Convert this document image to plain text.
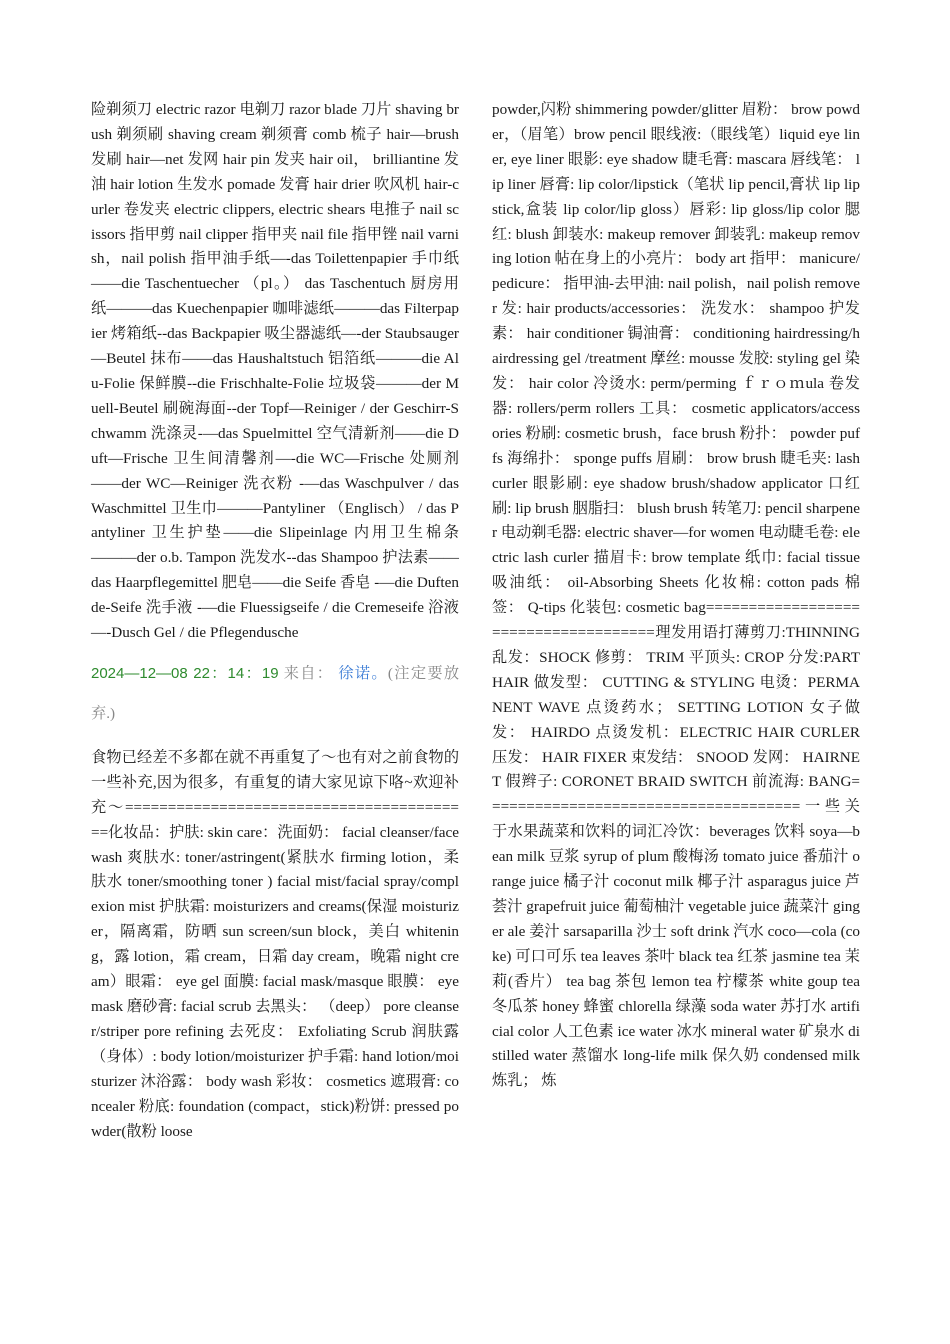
险剃须刀 electric razor 电剃刀 razor blade 刀片 shaving brush 剃须刷 shaving cream 剃须膏 comb 梳子 hair—brush 发刷 hair—net 发网 hair pin 发夹 hair oil， brilliantine 发油 hair lotion 生发水 pomade 发膏 hair drier 吹风机 hair-curler 卷发夹 electric clippers, electric shears 电推子 nail scissors 指甲剪 nail clipper 指甲夹 nail file 指甲锉 nail varnish，nail polish 指甲油手纸—-das Toilettenpapier 手巾纸——die Taschentuecher （pl。） das Taschentuch 厨房用纸———das Kuechenpapier 咖啡滤纸———das Filterpapier 烤箱纸--das Backpapier 吸尘器滤纸—-der Staubsauger—Beutel 抹布——das Haushaltstuch 铝箔纸———die Alu-Folie 保鲜膜--die Frischhalte-Folie 垃圾袋———der Muell-Beutel 刷碗海面--der Topf—Reiniger / der Geschirr-Schwamm 洗涤灵-—das Spuelmittel 空气清新剂——die Duft—Frische 卫生间清馨剂—-die WC—Frische 处厕剂——der WC—Reiniger 洗衣粉 -—das Waschpulver / das Waschmittel 卫生巾———Pantyliner （Englisch） / das Pantyliner 卫生护垫——die Slipeinlage 内用卫生棉条———der o.b. Tampon 洗发水--das Shampoo 护法素——das Haarpflegemittel 肥皂——die Seife 香皂 -—die Duftende-Seife 洗手液 -—die Fluessigseife / die Cremeseife 浴液—-Dusch Gel / die Pflegendusche

2024—12—08 22：14：19 来自： 徐诺。(注定要放弃.)

食物已经差不多都在就不再重复了～也有对之前食物的一些补充,因为很多，有重复的请大家见谅下咯~欢迎补充～=========================================化妆品：护肤: skin care：洗面奶： facial cleanser/face wash 爽肤水: toner/astringent(紧肤水 firming lotion，柔肤水 toner/smoothing toner ) facial mist/facial spray/complexion mist 护肤霜: moisturizers and creams(保湿 moisturizer，隔离霜，防晒 sun screen/sun block，美白 whitening，露 lotion，霜 cream，日霜 day cream，晚霜 night cream）眼霜： eye gel 面膜: facial mask/masque 眼膜： eye mask 磨砂膏: facial scrub 去黑头： （deep） pore cleanser/striper pore refining 去死皮： Exfoliating Scrub 润肤露（身体）: body lotion/moisturizer 护手霜: hand lotion/moisturizer 沐浴露： body wash 彩妆： cosmetics 遮瑕膏: concealer 粉底: foundation (compact，stick)粉饼: pressed powder(散粉 loose

powder,闪粉 shimmering powder/glitter 眉粉： brow powder，（眉笔）brow pencil 眼线液:（眼线笔）liquid eye liner, eye liner 眼影: eye shadow 睫毛膏: mascara 唇线笔： lip liner 唇膏: lip color/lipstick（笔状 lip pencil,膏状 lip lipstick,盒装 lip color/lip gloss）唇彩: lip gloss/lip color 腮红: blush 卸装水: makeup remover 卸装乳: makeup removing lotion 帖在身上的小亮片： body art 指甲： manicure/pedicure： 指甲油-去甲油: nail polish，nail polish remover 发: hair products/accessories： 洗发水： shampoo 护发素： hair conditioner 锔油膏： conditioning hairdressing/hairdressing gel /treatment 摩丝: mousse 发胶: styling gel 染发： hair color 冷烫水: perm/perming ｆｒｏｍula 卷发器: rollers/perm rollers 工具： cosmetic applicators/accessories 粉刷: cosmetic brush，face brush 粉扑： powder puffs 海绵扑： sponge puffs 眉刷： brow brush 睫毛夹: lash curler 眼影刷: eye shadow brush/shadow applicator 口红刷: lip brush 胭脂扫： blush brush 转笔刀: pencil sharpener 电动剃毛器: electric shaver—for women 电动睫毛卷: electric lash curler 描眉卡: brow template 纸巾: facial tissue 吸油纸： oil-Absorbing Sheets 化妆棉: cotton pads 棉签： Q-tips 化装包: cosmetic bag=====================================理发用语打薄剪刀:THINNING 乱发：SHOCK 修剪： TRIM 平顶头: CROP 分发:PART HAIR 做发型： CUTTING & STYLING 电烫：PERMANENT WAVE 点烫药水； SETTING LOTION 女子做发： HAIRDO 点烫发机：ELECTRIC HAIR CURLER 压发： HAIR FIXER 束发结： SNOOD 发网： HAIRNET 假辫子: CORONET BRAID SWITCH 前流海: BANG=====================================一些关于水果蔬菜和饮料的词汇冷饮：beverages 饮料 soya—bean milk 豆浆 syrup of plum 酸梅汤 tomato juice 番茄汁 orange juice 橘子汁 coconut milk 椰子汁 asparagus juice 芦荟汁 grapefruit juice 葡萄柚汁 vegetable juice 蔬菜汁 ginger ale 姜汁 sarsaparilla 沙士 soft drink 汽水 coco—cola (coke) 可口可乐 tea leaves 茶叶 black tea 红茶 jasmine tea 茉莉(香片） tea bag 茶包 lemon tea 柠檬茶 white goup tea 冬瓜茶 honey 蜂蜜 chlorella 绿藻 soda water 苏打水 artificial color 人工色素 ice water 冰水 mineral water 矿泉水 distilled water 蒸馏水 long-life milk 保久奶 condensed milk 炼乳； 炼
